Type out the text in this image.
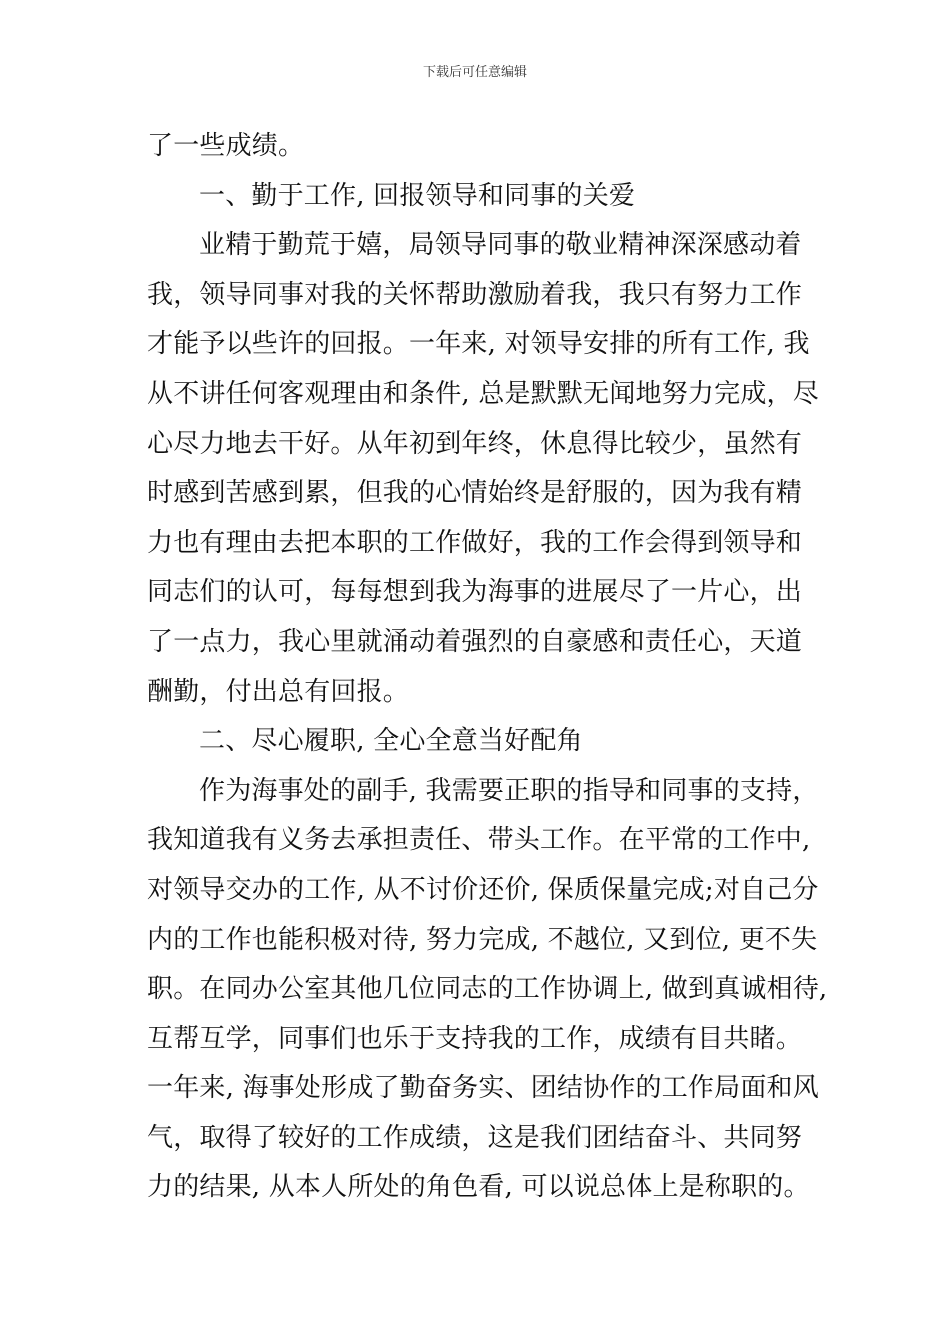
下载后可任意编辑
了一些成绩。
一、勤于工作, 回报领导和同事的关爱
业精于勤荒于嬉，局领导同事的敬业精神深深感动着
我，领导同事对我的关怀帮助激励着我，我只有努力工作
才能予以些许的回报。一年来, 对领导安排的所有工作, 我
从不讲任何客观理由和条件, 总是默默无闻地努力完成，尽
心尽力地去干好。从年初到年终，休息得比较少，虽然有
时感到苦感到累，但我的心情始终是舒服的，因为我有精
力也有理由去把本职的工作做好，我的工作会得到领导和
同志们的认可，每每想到我为海事的进展尽了一片心，出
了一点力，我心里就涌动着强烈的自豪感和责任心，天道
酬勤，付出总有回报。
二、尽心履职, 全心全意当好配角
作为海事处的副手, 我需要正职的指导和同事的支持，
我知道我有义务去承担责任、带头工作。在平常的工作中,
对领导交办的工作, 从不讨价还价, 保质保量完成;对自己分
内的工作也能积极对待, 努力完成, 不越位, 又到位, 更不失
职。在同办公室其他几位同志的工作协调上, 做到真诚相待,
互帮互学，同事们也乐于支持我的工作，成绩有目共睹。
一年来, 海事处形成了勤奋务实、团结协作的工作局面和风
气，取得了较好的工作成绩，这是我们团结奋斗、共同努
力的结果, 从本人所处的角色看, 可以说总体上是称职的。
